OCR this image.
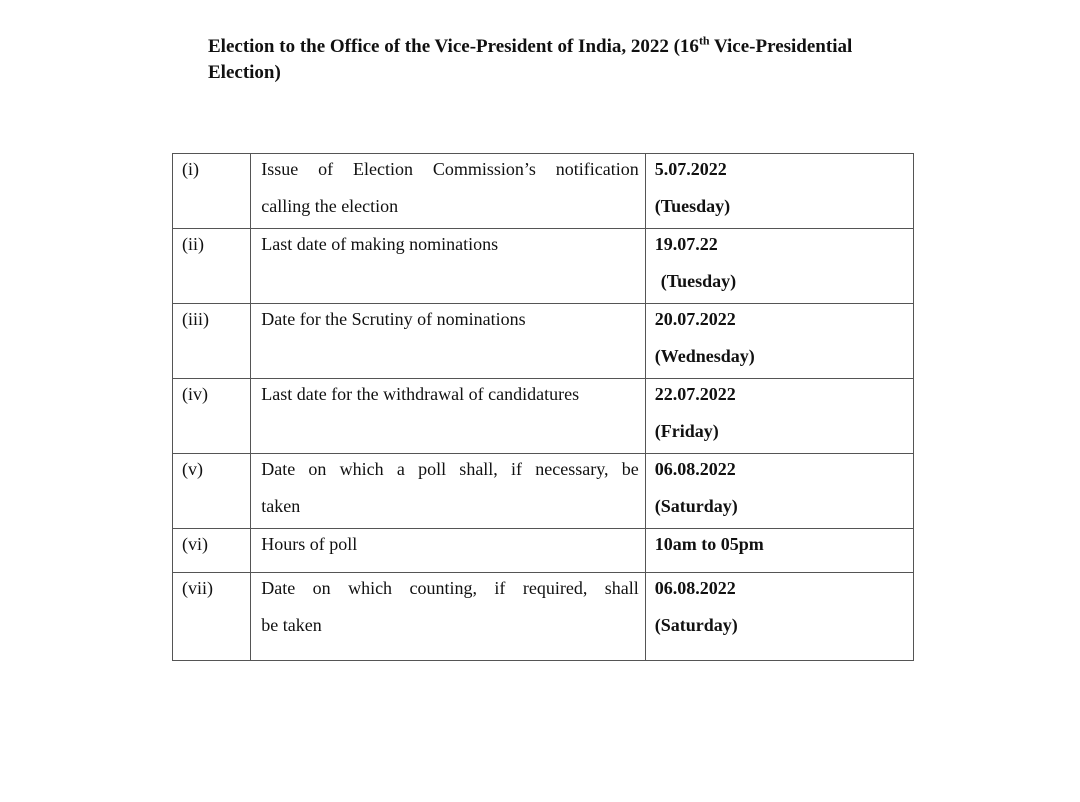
Election to the Office of the Vice-President of India, 2022 (16th Vice-Presidential
Election)
(i)	Issue of Election Commission’s notification
calling the election	5.07.2022
(Tuesday)

(ii)	Last date of making nominations	19.07.22
(Tuesday)

(iii)	Date for the Scrutiny of nominations	20.07.2022
(Wednesday)

(iv)	Last date for the withdrawal of candidatures	22.07.2022
(Friday)

(v)	Date on which a poll shall, if necessary, be
taken	06.08.2022
(Saturday)

(vi)	Hours of poll	10am to 05pm

(vii)	Date on which counting, if required, shall
be taken	06.08.2022
(Saturday)
